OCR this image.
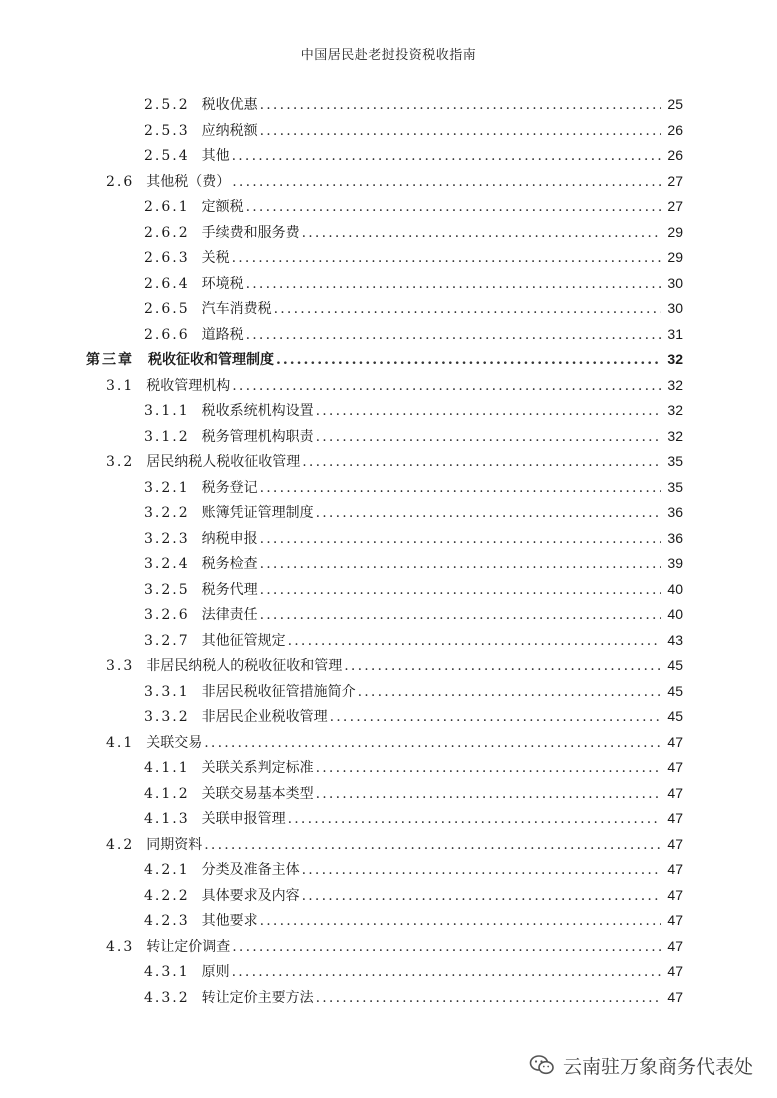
中国居民赴老挝投资税收指南
2.5.2 税收优惠 .....	25
2.5.3 应纳税额 .....	26
2.5.4 其他 .....	26
2.6 其他税（费） .....	27
2.6.1 定额税 .....	27
2.6.2 手续费和服务费 .....	29
2.6.3 关税 .....	29
2.6.4 环境税 .....	30
2.6.5 汽车消费税 .....	30
2.6.6 道路税 .....	31
第三章 税收征收和管理制度 .....	32
3.1 税收管理机构 .....	32
3.1.1 税收系统机构设置 .....	32
3.1.2 税务管理机构职责 .....	32
3.2 居民纳税人税收征收管理 .....	35
3.2.1 税务登记 .....	35
3.2.2 账簿凭证管理制度 .....	36
3.2.3 纳税申报 .....	36
3.2.4 税务检查 .....	39
3.2.5 税务代理 .....	40
3.2.6 法律责任 .....	40
3.2.7 其他征管规定 .....	43
3.3 非居民纳税人的税收征收和管理 .....	45
3.3.1 非居民税收征管措施简介 .....	45
3.3.2 非居民企业税收管理 .....	45
4.1 关联交易 .....	47
4.1.1 关联关系判定标准 .....	47
4.1.2 关联交易基本类型 .....	47
4.1.3 关联申报管理 .....	47
4.2 同期资料 .....	47
4.2.1 分类及准备主体 .....	47
4.2.2 具体要求及内容 .....	47
4.2.3 其他要求 .....	47
4.3 转让定价调查 .....	47
4.3.1 原则 .....	47
4.3.2 转让定价主要方法 .....	47
云南驻万象商务代表处
